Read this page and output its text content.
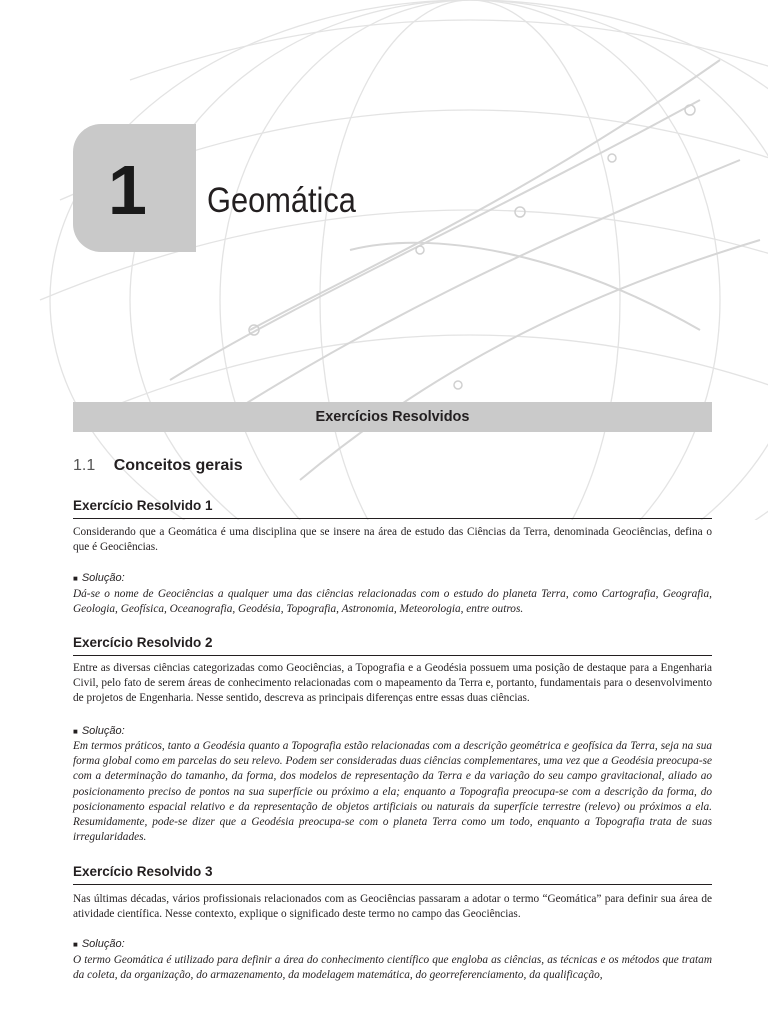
1	Geomática
Exercícios Resolvidos
1.1 Conceitos gerais
Exercício Resolvido 1

Considerando que a Geomática é uma disciplina que se insere na área de estudo das Ciências da Terra, denominada Geociências, defina o que é Geociências.

■ Solução:

Dá-se o nome de Geociências a qualquer uma das ciências relacionadas com o estudo do planeta Terra, como Cartografia, Geografia, Geologia, Geofísica, Oceanografia, Geodésia, Topografia, Astronomia, Meteorologia, entre outros.

Exercício Resolvido 2

Entre as diversas ciências categorizadas como Geociências, a Topografia e a Geodésia possuem uma posição de destaque para a Engenharia Civil, pelo fato de serem áreas de conhecimento relacionadas com o mapeamento da Terra e, portanto, fundamentais para o desenvolvimento de projetos de Engenharia. Nesse sentido, descreva as principais diferenças entre essas duas ciências.

■ Solução:

Em termos práticos, tanto a Geodésia quanto a Topografia estão relacionadas com a descrição geométrica e geofísica da Terra, seja na sua forma global como em parcelas do seu relevo. Podem ser consideradas duas ciências complementares, uma vez que a Geodésia preocupa-se com a determinação do tamanho, da forma, dos modelos de representação da Terra e da variação do seu campo gravitacional, aliado ao posicionamento preciso de pontos na sua superfície ou próximo a ela; enquanto a Topografia preocupa-se com a descrição da forma, do posicionamento espacial relativo e da representação de objetos artificiais ou naturais da superfície terrestre (relevo) ou próximos a ela. Resumidamente, pode-se dizer que a Geodésia preocupa-se com o planeta Terra como um todo, enquanto a Topografia trata de suas irregularidades.

Exercício Resolvido 3

Nas últimas décadas, vários profissionais relacionados com as Geociências passaram a adotar o termo “Geomática” para definir sua área de atividade científica. Nesse contexto, explique o significado deste termo no campo das Geociências.

■ Solução:

O termo Geomática é utilizado para definir a área do conhecimento científico que engloba as ciências, as técnicas e os métodos que tratam da coleta, da organização, do armazenamento, da modelagem matemática, do georreferenciamento, da qualificação,
